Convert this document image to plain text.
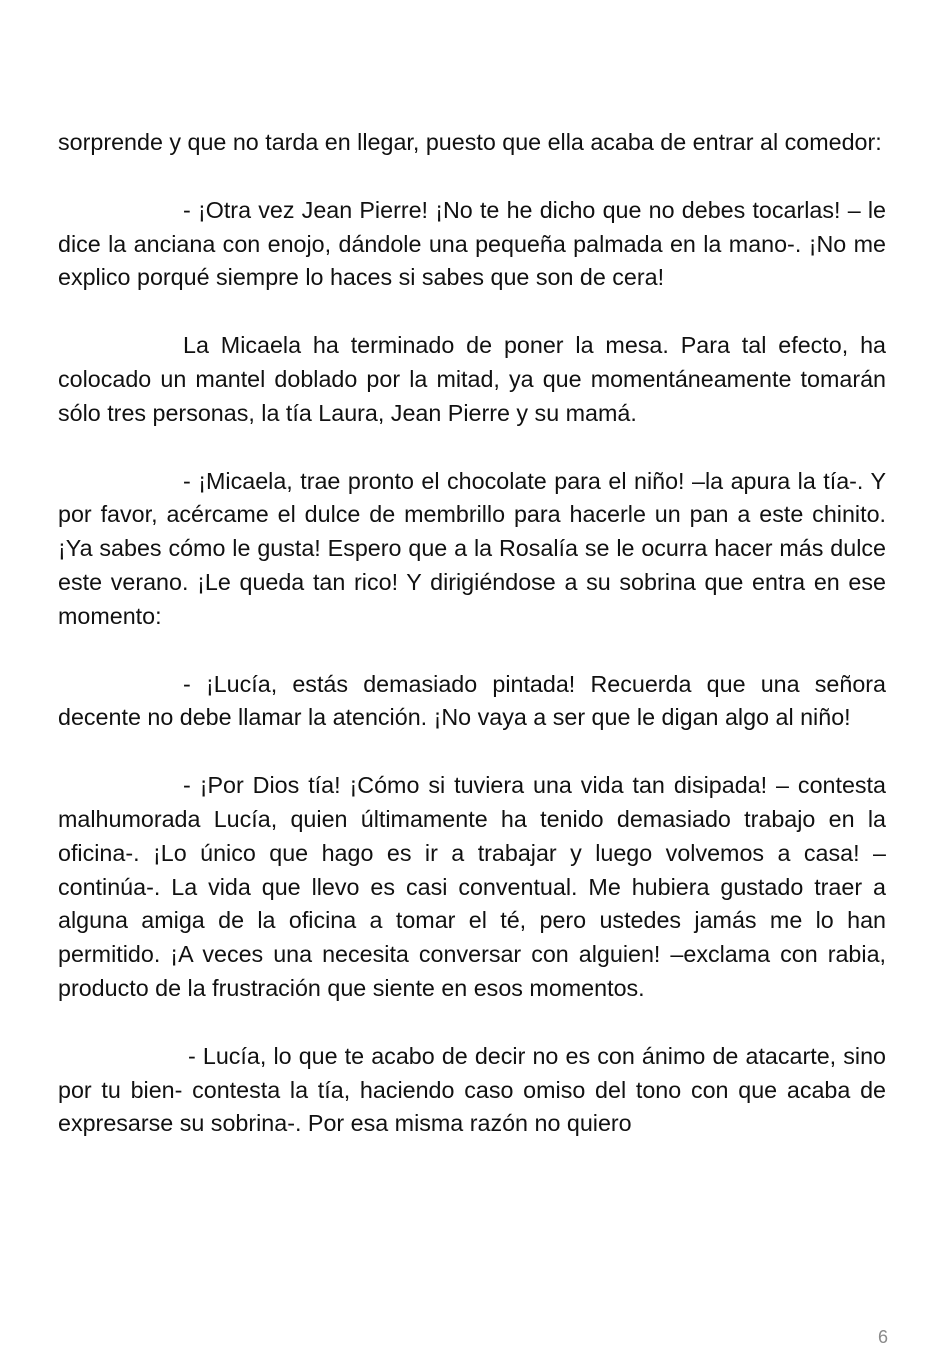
sorprende y que no tarda en llegar, puesto que ella acaba de entrar al comedor:

- ¡Otra vez Jean Pierre! ¡No te he dicho que no debes tocarlas! – le dice la anciana con enojo, dándole una pequeña palmada en la mano-. ¡No me explico porqué siempre lo haces si sabes que son de cera!

La Micaela ha terminado de poner la mesa. Para tal efecto, ha colocado un mantel doblado por la mitad, ya que momentáneamente tomarán sólo tres personas, la tía Laura, Jean Pierre y su mamá.

- ¡Micaela, trae pronto el chocolate para el niño! –la apura la tía-. Y por favor, acércame el dulce de membrillo para hacerle un pan a este chinito. ¡Ya sabes cómo le gusta! Espero que a la Rosalía se le ocurra hacer más dulce este verano. ¡Le queda tan rico! Y dirigiéndose a su sobrina que entra en ese momento:

- ¡Lucía, estás demasiado pintada! Recuerda que una señora decente no debe llamar la atención. ¡No vaya a ser que le digan algo al niño!

- ¡Por Dios tía! ¡Cómo si tuviera una vida tan disipada! – contesta malhumorada Lucía, quien últimamente ha tenido demasiado trabajo en la oficina-. ¡Lo único que hago es ir a trabajar y luego volvemos a casa! –continúa-. La vida que llevo es casi conventual. Me hubiera gustado traer a alguna amiga de la oficina a tomar el té, pero ustedes jamás me lo han permitido. ¡A veces una necesita conversar con alguien! –exclama con rabia, producto de la frustración que siente en esos momentos.

- Lucía, lo que te acabo de decir no es con ánimo de atacarte, sino por tu bien- contesta la tía, haciendo caso omiso del tono con que acaba de expresarse su sobrina-. Por esa misma razón no quiero

6
